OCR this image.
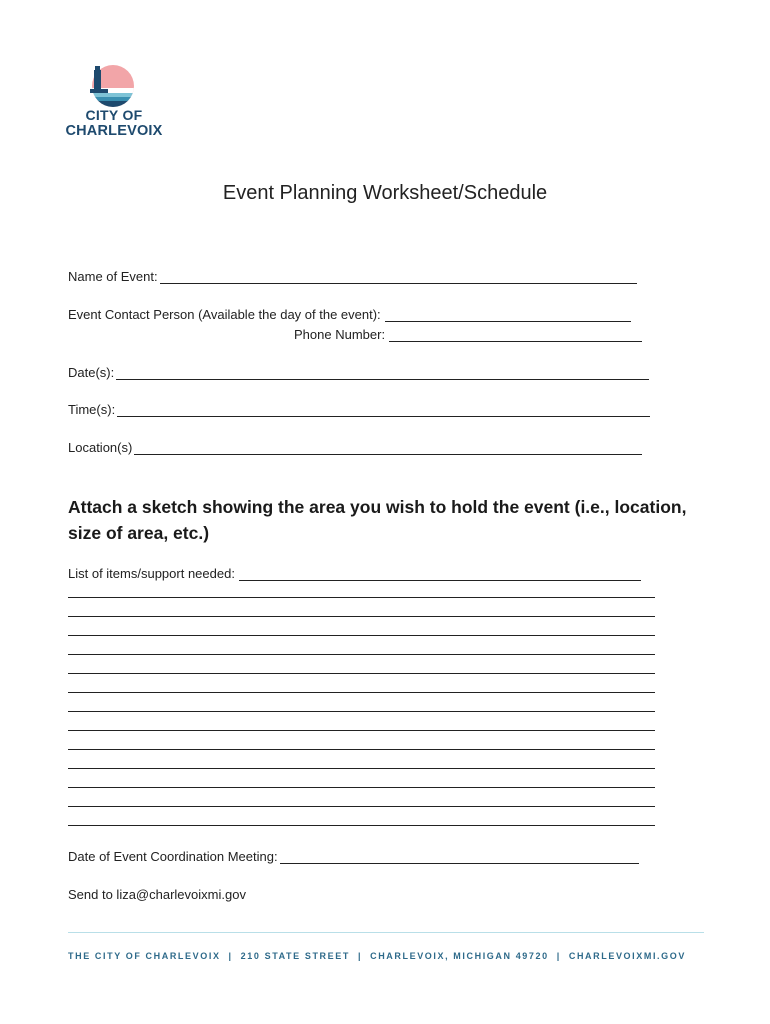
CITY OF
CHARLEVOIX
Event Planning Worksheet/Schedule
Name of Event:
Event Contact Person (Available the day of the event):
Phone Number:
Date(s):
Time(s):
Location(s)
Attach a sketch showing the area you wish to hold the event (i.e., location, size of area, etc.)
List of items/support needed:
Date of Event Coordination Meeting:
Send to liza@charlevoixmi.gov
THE CITY OF CHARLEVOIX | 210 STATE STREET | CHARLEVOIX, MICHIGAN 49720 | CHARLEVOIXMI.GOV
